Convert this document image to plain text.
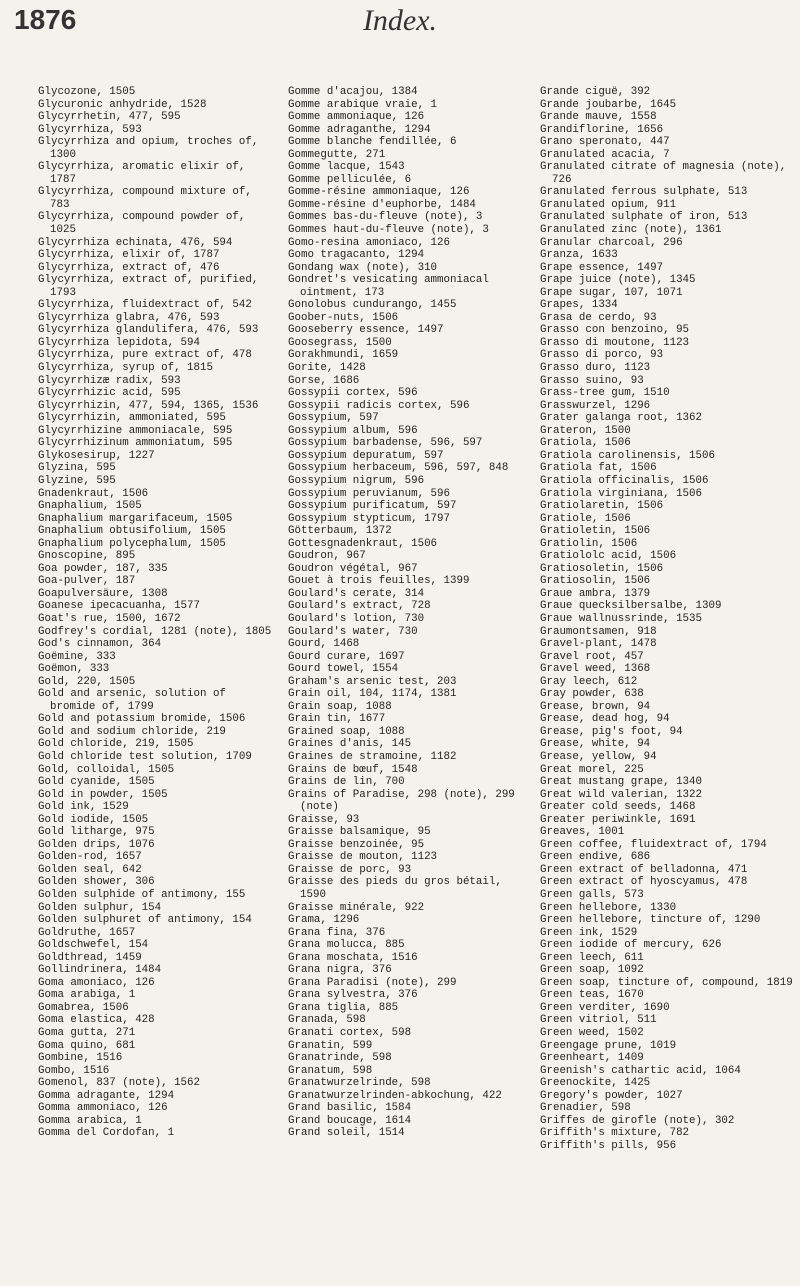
1876	Index.
Glycozone, 1505
Glycuronic anhydride, 1528
Glycyrrhetin, 477, 595
Glycyrrhiza, 593
Glycyrrhiza and opium, troches of, 1300
Glycyrrhiza, aromatic elixir of, 1787
Glycyrrhiza, compound mixture of, 783
Glycyrrhiza, compound powder of, 1025
Glycyrrhiza echinata, 476, 594
Glycyrrhiza, elixir of, 1787
Glycyrrhiza, extract of, 476
Glycyrrhiza, extract of, purified, 1793
Glycyrrhiza, fluidextract of, 542
Glycyrrhiza glabra, 476, 593
Glycyrrhiza glandulifera, 476, 593
Glycyrrhiza lepidota, 594
Glycyrrhiza, pure extract of, 478
Glycyrrhiza, syrup of, 1815
Glycyrrhizæ radix, 593
Glycyrrhizic acid, 595
Glycyrrhizin, 477, 594, 1365, 1536
Glycyrrhizin, ammoniated, 595
Glycyrrhizine ammoniacale, 595
Glycyrrhizinum ammoniatum, 595
Glykosesirup, 1227
Glyzina, 595
Glyzine, 595
Gnadenkraut, 1506
Gnaphalium, 1505
Gnaphalium margarifaceum, 1505
Gnaphalium obtusifolium, 1505
Gnaphalium polycephalum, 1505
Gnoscopine, 895
Goa powder, 187, 335
Goa-pulver, 187
Goapulversäure, 1308
Goanese ipecacuanha, 1577
Goat's rue, 1500, 1672
Godfrey's cordial, 1281 (note), 1805
God's cinnamon, 364
Goëmine, 333
Goëmon, 333
Gold, 220, 1505
Gold and arsenic, solution of bromide of, 1799
Gold and potassium bromide, 1506
Gold and sodium chloride, 219
Gold chloride, 219, 1505
Gold chloride test solution, 1709
Gold, colloidal, 1505
Gold cyanide, 1505
Gold in powder, 1505
Gold ink, 1529
Gold iodide, 1505
Gold litharge, 975
Golden drips, 1076
Golden-rod, 1657
Golden seal, 642
Golden shower, 306
Golden sulphide of antimony, 155
Golden sulphur, 154
Golden sulphuret of antimony, 154
Goldruthe, 1657
Goldschwefel, 154
Goldthread, 1459
Gollindrinera, 1484
Goma amoniaco, 126
Goma arabiga, 1
Gomabrea, 1506
Goma elastica, 428
Goma gutta, 271
Goma quino, 681
Gombine, 1516
Gombo, 1516
Gomenol, 837 (note), 1562
Gomma adragante, 1294
Gomma ammoniaco, 126
Gomma arabica, 1
Gomma del Cordofan, 1
Gomme d'acajou, 1384
Gomme arabique vraie, 1
Gomme ammoniaque, 126
Gomme adraganthe, 1294
Gomme blanche fendillée, 6
Gommegutte, 271
Gomme lacque, 1543
Gomme pelliculée, 6
Gomme-résine ammoniaque, 126
Gomme-résine d'euphorbe, 1484
Gommes bas-du-fleuve (note), 3
Gommes haut-du-fleuve (note), 3
Gomo-resina amoniaco, 126
Gomo tragacanto, 1294
Gondang wax (note), 310
Gondret's vesicating ammoniacal ointment, 173
Gonolobus cundurango, 1455
Goober-nuts, 1506
Gooseberry essence, 1497
Goosegrass, 1500
Gorakhmundi, 1659
Gorite, 1428
Gorse, 1686
Gossypii cortex, 596
Gossypii radicis cortex, 596
Gossypium, 597
Gossypium album, 596
Gossypium barbadense, 596, 597
Gossypium depuratum, 597
Gossypium herbaceum, 596, 597, 848
Gossypium nigrum, 596
Gossypium peruvianum, 596
Gossypium purificatum, 597
Gossypium stypticum, 1797
Götterbaum, 1372
Gottesgnadenkraut, 1506
Goudron, 967
Goudron végétal, 967
Gouet à trois feuilles, 1399
Goulard's cerate, 314
Goulard's extract, 728
Goulard's lotion, 730
Goulard's water, 730
Gourd, 1468
Gourd curare, 1697
Gourd towel, 1554
Graham's arsenic test, 203
Grain oil, 104, 1174, 1381
Grain soap, 1088
Grain tin, 1677
Grained soap, 1088
Graines d'anis, 145
Graines de stramoine, 1182
Grains de bœuf, 1548
Grains de lin, 700
Grains of Paradise, 298 (note), 299 (note)
Graisse, 93
Graisse balsamique, 95
Graisse benzoinée, 95
Graisse de mouton, 1123
Graisse de porc, 93
Graisse des pieds du gros bétail, 1590
Graisse minérale, 922
Grama, 1296
Grana fina, 376
Grana molucca, 885
Grana moschata, 1516
Grana nigra, 376
Grana Paradisi (note), 299
Grana sylvestra, 376
Grana tiglia, 885
Granada, 598
Granati cortex, 598
Granatin, 599
Granatrinde, 598
Granatum, 598
Granatwurzelrinde, 598
Granatwurzelrinden-abkochung, 422
Grand basilic, 1584
Grand boucage, 1614
Grand soleil, 1514
Grande ciguë, 392
Grande joubarbe, 1645
Grande mauve, 1558
Grandiflorine, 1656
Grano speronato, 447
Granulated acacia, 7
Granulated citrate of magnesia (note), 726
Granulated ferrous sulphate, 513
Granulated opium, 911
Granulated sulphate of iron, 513
Granulated zinc (note), 1361
Granular charcoal, 296
Granza, 1633
Grape essence, 1497
Grape juice (note), 1345
Grape sugar, 107, 1071
Grapes, 1334
Grasa de cerdo, 93
Grasso con benzoino, 95
Grasso di moutone, 1123
Grasso di porco, 93
Grasso duro, 1123
Grasso suino, 93
Grass-tree gum, 1510
Grasswurzel, 1296
Grater galanga root, 1362
Grateron, 1500
Gratiola, 1506
Gratiola carolinensis, 1506
Gratiola fat, 1506
Gratiola officinalis, 1506
Gratiola virginiana, 1506
Gratiolaretin, 1506
Gratiole, 1506
Gratioletin, 1506
Gratiolin, 1506
Gratiololc acid, 1506
Gratiosoletin, 1506
Gratiosolin, 1506
Graue ambra, 1379
Graue quecksilbersalbe, 1309
Graue wallnussrinde, 1535
Graumontsamen, 918
Gravel-plant, 1478
Gravel root, 457
Gravel weed, 1368
Gray leech, 612
Gray powder, 638
Grease, brown, 94
Grease, dead hog, 94
Grease, pig's foot, 94
Grease, white, 94
Grease, yellow, 94
Great morel, 225
Great mustang grape, 1340
Great wild valerian, 1322
Greater cold seeds, 1468
Greater periwinkle, 1691
Greaves, 1001
Green coffee, fluidextract of, 1794
Green endive, 686
Green extract of belladonna, 471
Green extract of hyoscyamus, 478
Green galls, 573
Green hellebore, 1330
Green hellebore, tincture of, 1290
Green ink, 1529
Green iodide of mercury, 626
Green leech, 611
Green soap, 1092
Green soap, tincture of, compound, 1819
Green teas, 1670
Green verditer, 1690
Green vitriol, 511
Green weed, 1502
Greengage prune, 1019
Greenheart, 1409
Greenish's cathartic acid, 1064
Greenockite, 1425
Gregory's powder, 1027
Grenadier, 598
Griffes de girofle (note), 302
Griffith's mixture, 782
Griffith's pills, 956
